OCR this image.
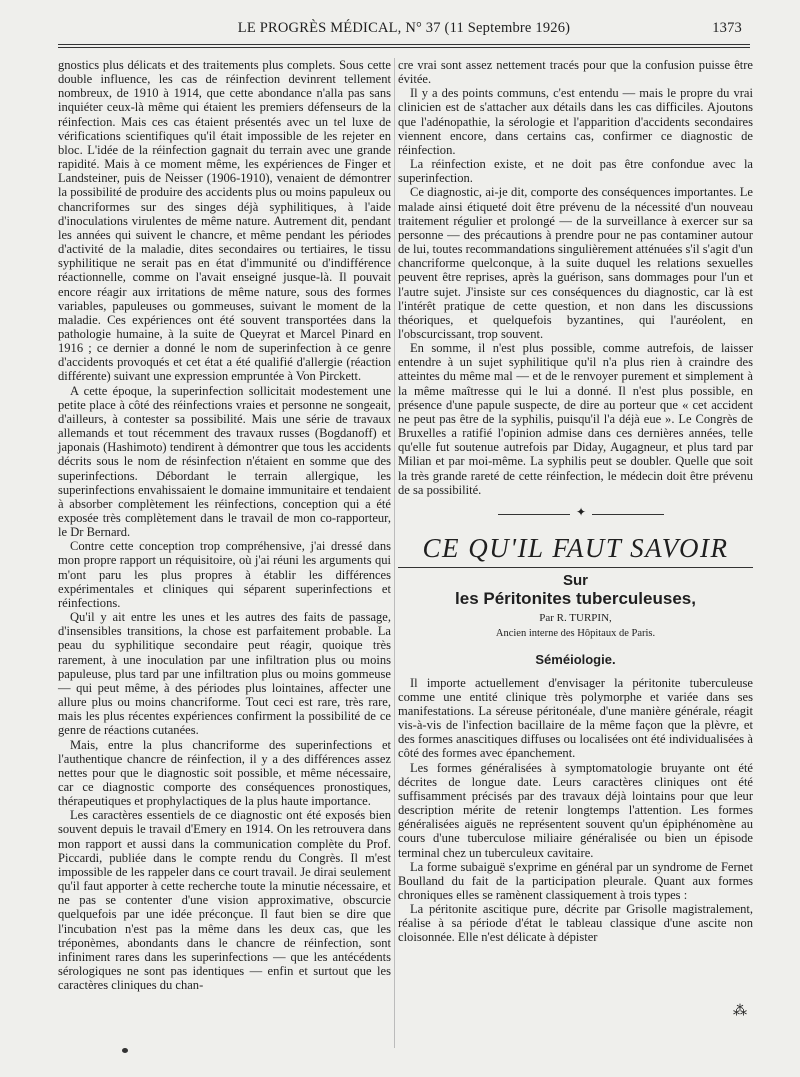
LE PROGRÈS MÉDICAL, N° 37 (11 Septembre 1926)	1373

gnostics plus délicats et des traitements plus complets. Sous cette double influence, les cas de réinfection devinrent tellement nombreux, de 1910 à 1914, que cette abondance n'alla pas sans inquiéter ceux-là même qui étaient les premiers défenseurs de la réinfection. Mais ces cas étaient présentés avec un tel luxe de vérifications scientifiques qu'il était impossible de les rejeter en bloc. L'idée de la réinfection gagnait du terrain avec une grande rapidité. Mais à ce moment même, les expériences de Finger et Landsteiner, puis de Neisser (1906-1910), venaient de démontrer la possibilité de produire des accidents plus ou moins papuleux ou chancriformes sur des singes déjà syphilitiques, à l'aide d'inoculations virulentes de même nature. Autrement dit, pendant les années qui suivent le chancre, et même pendant les périodes d'activité de la maladie, dites secondaires ou tertiaires, le tissu syphilitique ne serait pas en état d'immunité ou d'indifférence réactionnelle, comme on l'avait enseigné jusque-là. Il pouvait encore réagir aux irritations de même nature, sous des formes variables, papuleuses ou gommeuses, suivant le moment de la maladie. Ces expériences ont été souvent transportées dans la pathologie humaine, à la suite de Queyrat et Marcel Pinard en 1916 ; ce dernier a donné le nom de superinfection à ce genre d'accidents provoqués et cet état a été qualifié d'allergie (réaction différente) suivant une expression empruntée à Von Pirckett.

A cette époque, la superinfection sollicitait modestement une petite place à côté des réinfections vraies et personne ne songeait, d'ailleurs, à contester sa possibilité. Mais une série de travaux allemands et tout récemment des travaux russes (Bogdanoff) et japonais (Hashimoto) tendirent à démontrer que tous les accidents décrits sous le nom de résinfection n'étaient en somme que des superinfections. Débordant le terrain allergique, les superinfections envahissaient le domaine immunitaire et tendaient à absorber complètement les réinfections, conception qui a été exposée très complètement dans le travail de mon co-rapporteur, le Dr Bernard.

Contre cette conception trop compréhensive, j'ai dressé dans mon propre rapport un réquisitoire, où j'ai réuni les arguments qui m'ont paru les plus propres à établir les différences expérimentales et cliniques qui séparent superinfections et réinfections.

Qu'il y ait entre les unes et les autres des faits de passage, d'insensibles transitions, la chose est parfaitement probable. La peau du syphilitique secondaire peut réagir, quoique très rarement, à une inoculation par une infiltration plus ou moins papuleuse, plus tard par une infiltration plus ou moins gommeuse — qui peut même, à des périodes plus lointaines, affecter une allure plus ou moins chancriforme. Tout ceci est rare, très rare, mais les plus récentes expériences confirment la possibilité de ce genre de réactions cutanées.

Mais, entre la plus chancriforme des superinfections et l'authentique chancre de réinfection, il y a des différences assez nettes pour que le diagnostic soit possible, et même nécessaire, car ce diagnostic comporte des conséquences pronostiques, thérapeutiques et prophylactiques de la plus haute importance.

Les caractères essentiels de ce diagnostic ont été exposés bien souvent depuis le travail d'Emery en 1914. On les retrouvera dans mon rapport et aussi dans la communication complète du Prof. Piccardi, publiée dans le compte rendu du Congrès. Il m'est impossible de les rappeler dans ce court travail. Je dirai seulement qu'il faut apporter à cette recherche toute la minutie nécessaire, et ne pas se contenter d'une vision approximative, obscurcie quelquefois par une idée préconçue. Il faut bien se dire que l'incubation n'est pas la même dans les deux cas, que les tréponèmes, abondants dans le chancre de réinfection, sont infiniment rares dans les superinfections — que les antécédents sérologiques ne sont pas identiques — enfin et surtout que les caractères cliniques du chan-

cre vrai sont assez nettement tracés pour que la confusion puisse être évitée.

Il y a des points communs, c'est entendu — mais le propre du vrai clinicien est de s'attacher aux détails dans les cas difficiles. Ajoutons que l'adénopathie, la sérologie et l'apparition d'accidents secondaires viennent encore, dans certains cas, confirmer ce diagnostic de réinfection.

La réinfection existe, et ne doit pas être confondue avec la superinfection.

Ce diagnostic, ai-je dit, comporte des conséquences importantes. Le malade ainsi étiqueté doit être prévenu de la nécessité d'un nouveau traitement régulier et prolongé — de la surveillance à exercer sur sa personne — des précautions à prendre pour ne pas contaminer autour de lui, toutes recommandations singulièrement atténuées s'il s'agit d'un chancriforme quelconque, à la suite duquel les relations sexuelles peuvent être reprises, après la guérison, sans dommages pour l'un et l'autre sujet. J'insiste sur ces conséquences du diagnostic, car là est l'intérêt pratique de cette question, et non dans les discussions théoriques, et quelquefois byzantines, qui l'auréolent, en l'obscurcissant, trop souvent.

En somme, il n'est plus possible, comme autrefois, de laisser entendre à un sujet syphilitique qu'il n'a plus rien à craindre des atteintes du même mal — et de le renvoyer purement et simplement à la même maîtresse qui le lui a donné. Il n'est plus possible, en présence d'une papule suspecte, de dire au porteur que « cet accident ne peut pas être de la syphilis, puisqu'il l'a déjà eue ». Le Congrès de Bruxelles a ratifié l'opinion admise dans ces dernières années, telle qu'elle fut soutenue autrefois par Diday, Augagneur, et plus tard par Milian et par moi-même. La syphilis peut se doubler. Quelle que soit la très grande rareté de cette réinfection, le médecin doit être prévenu de sa possibilité.

✦
CE QU'IL FAUT SAVOIR
Sur
les Péritonites tuberculeuses,
Par R. TURPIN,
Ancien interne des Hôpitaux de Paris.
Séméiologie.

Il importe actuellement d'envisager la péritonite tuberculeuse comme une entité clinique très polymorphe et variée dans ses manifestations. La séreuse péritonéale, d'une manière générale, réagit vis-à-vis de l'infection bacillaire de la même façon que la plèvre, et des formes anascitiques diffuses ou localisées ont été individualisées à côté des formes avec épanchement.

Les formes généralisées à symptomatologie bruyante ont été décrites de longue date. Leurs caractères cliniques ont été suffisamment précisés par des travaux déjà lointains pour que leur description mérite de retenir longtemps l'attention. Les formes généralisées aiguës ne représentent souvent qu'un épiphénomène au cours d'une tuberculose miliaire généralisée ou bien un épisode terminal chez un tuberculeux cavitaire.

La forme subaiguë s'exprime en général par un syndrome de Fernet Boulland du fait de la participation pleurale. Quant aux formes chroniques elles se ramènent classiquement à trois types :

La péritonite ascitique pure, décrite par Grisolle magistralement, réalise à sa période d'état le tableau classique d'une ascite non cloisonnée. Elle n'est délicate à dépister

⁂
